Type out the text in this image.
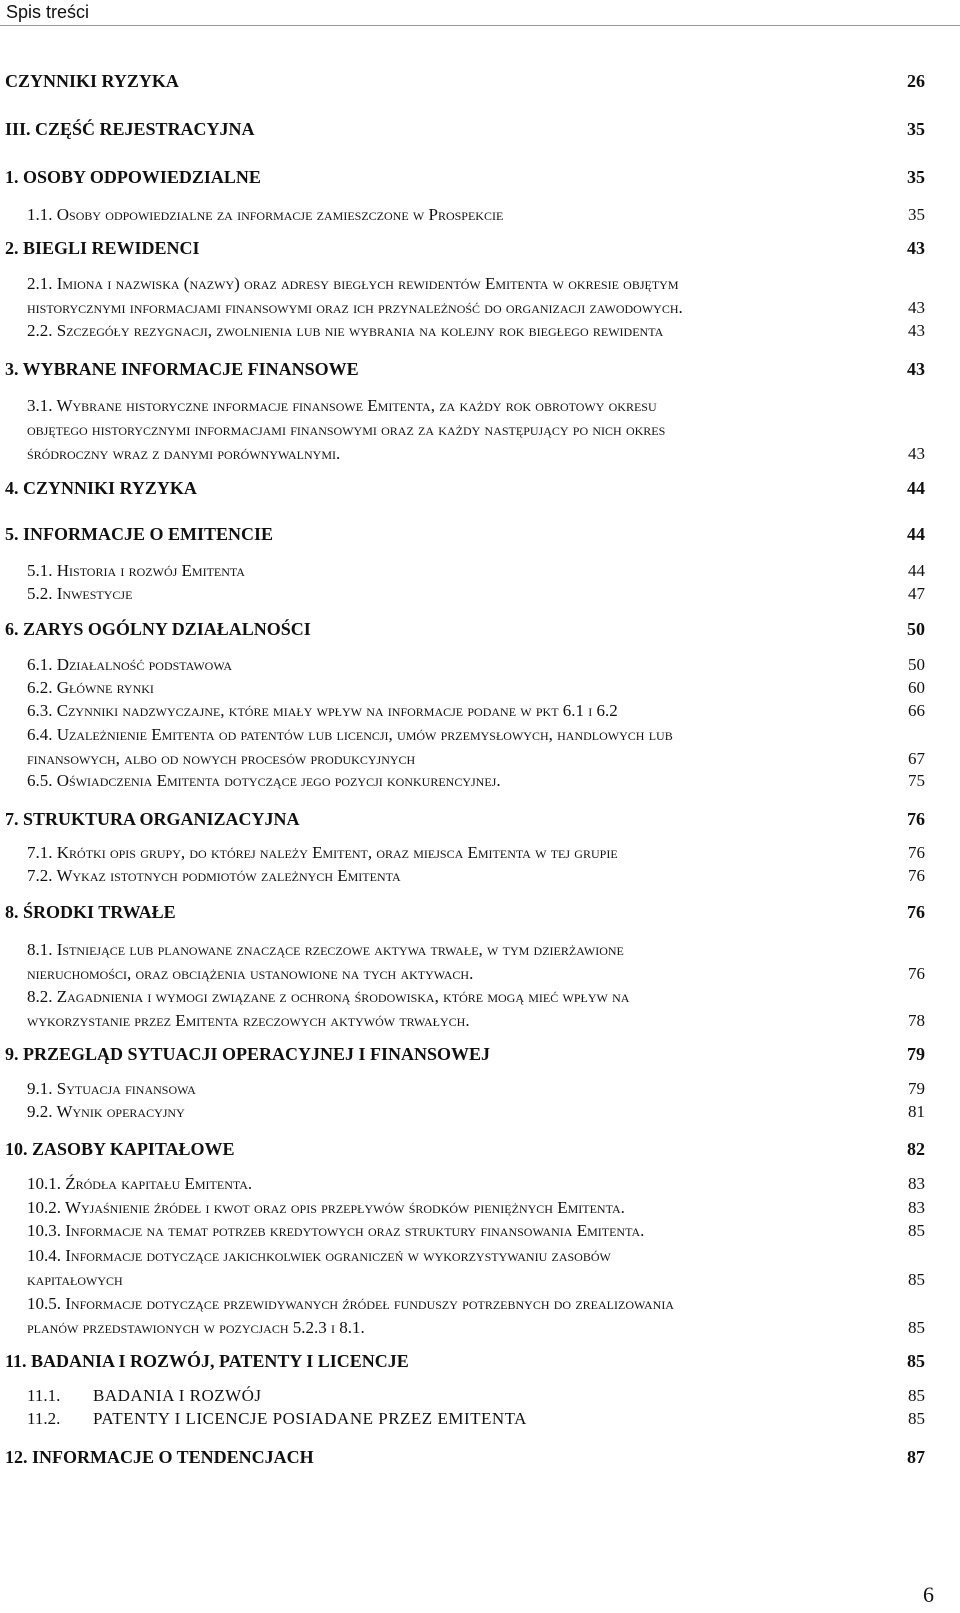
Spis treści
CZYNNIKI RYZYKA	26
III. CZĘŚĆ REJESTRACYJNA	35
1. OSOBY ODPOWIEDZIALNE	35
1.1. Osoby odpowiedzialne za informacje zamieszczone w Prospekcie	35
2. BIEGLI REWIDENCI	43
2.1. Imiona i nazwiska (nazwy) oraz adresy biegłych rewidentów Emitenta w okresie objętym
historycznymi informacjami finansowymi oraz ich przynależność do organizacji zawodowych.	43
2.2. Szczegóły rezygnacji, zwolnienia lub nie wybrania na kolejny rok biegłego rewidenta	43
3. WYBRANE INFORMACJE FINANSOWE	43
3.1. Wybrane historyczne informacje finansowe Emitenta, za każdy rok obrotowy okresu
objętego historycznymi informacjami finansowymi oraz za każdy następujący po nich okres
śródroczny wraz z danymi porównywalnymi.	43
4. CZYNNIKI RYZYKA	44
5. INFORMACJE O EMITENCIE	44
5.1. Historia i rozwój Emitenta	44
5.2. Inwestycje	47
6. ZARYS OGÓLNY DZIAŁALNOŚCI	50
6.1. Działalność podstawowa	50
6.2. Główne rynki	60
6.3. Czynniki nadzwyczajne, które miały wpływ na informacje podane w pkt 6.1 i 6.2	66
6.4. Uzależnienie Emitenta od patentów lub licencji, umów przemysłowych, handlowych lub
finansowych, albo od nowych procesów produkcyjnych	67
6.5. Oświadczenia Emitenta dotyczące jego pozycji konkurencyjnej.	75
7. STRUKTURA ORGANIZACYJNA	76
7.1. Krótki opis grupy, do której należy Emitent, oraz miejsca Emitenta w tej grupie	76
7.2. Wykaz istotnych podmiotów zależnych Emitenta	76
8. ŚRODKI TRWAŁE	76
8.1. Istniejące lub planowane znaczące rzeczowe aktywa trwałe, w tym dzierżawione
nieruchomości, oraz obciążenia ustanowione na tych aktywach.	76
8.2. Zagadnienia i wymogi związane z ochroną środowiska, które mogą mieć wpływ na
wykorzystanie przez Emitenta rzeczowych aktywów trwałych.	78
9. PRZEGLĄD SYTUACJI OPERACYJNEJ I FINANSOWEJ	79
9.1. Sytuacja finansowa	79
9.2. Wynik operacyjny	81
10. ZASOBY KAPITAŁOWE	82
10.1. Źródła kapitału Emitenta.	83
10.2. Wyjaśnienie źródeł i kwot oraz opis przepływów środków pieniężnych Emitenta.	83
10.3. Informacje na temat potrzeb kredytowych oraz struktury finansowania Emitenta.	85
10.4. Informacje dotyczące jakichkolwiek ograniczeń w wykorzystywaniu zasobów
kapitałowych	85
10.5. Informacje dotyczące przewidywanych źródeł funduszy potrzebnych do zrealizowania
planów przedstawionych w pozycjach 5.2.3 i 8.1.	85
11. BADANIA I ROZWÓJ, PATENTY I LICENCJE	85
11.1. BADANIA I ROZWÓJ	85
11.2. PATENTY I LICENCJE POSIADANE PRZEZ EMITENTA	85
12. INFORMACJE O TENDENCJACH	87
6
